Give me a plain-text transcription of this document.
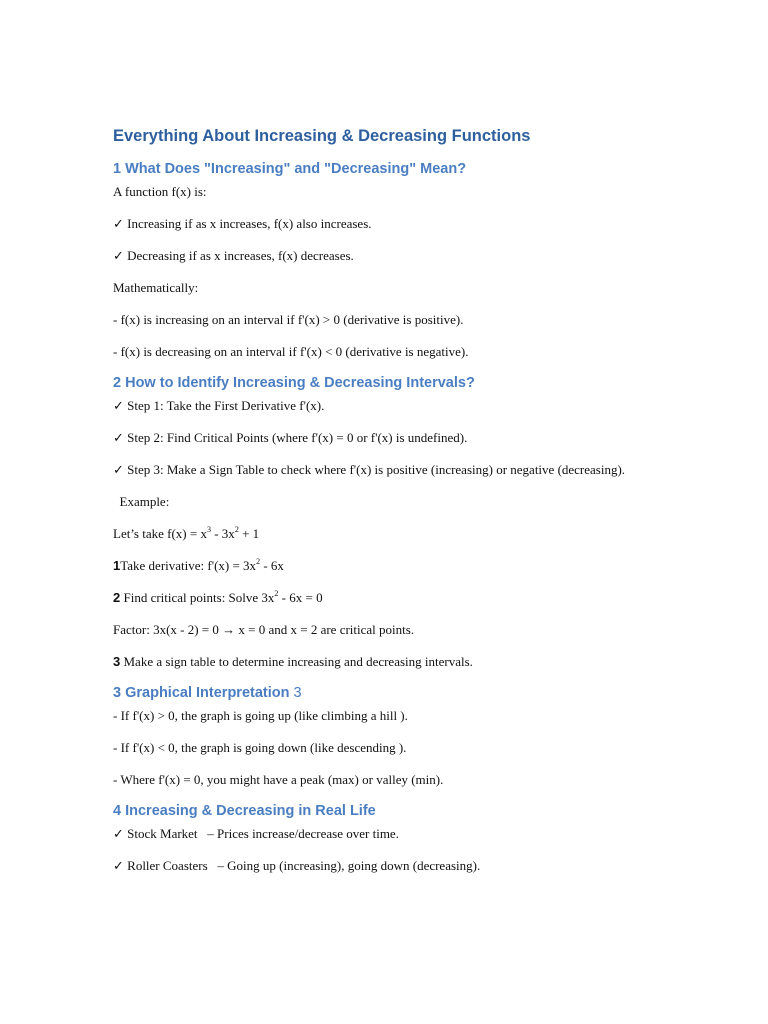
Everything About Increasing & Decreasing Functions
1 What Does "Increasing" and "Decreasing" Mean?

A function f(x) is:

✓ Increasing if as x increases, f(x) also increases.

✓ Decreasing if as x increases, f(x) decreases.

Mathematically:

- f(x) is increasing on an interval if f'(x) > 0 (derivative is positive).

- f(x) is decreasing on an interval if f'(x) < 0 (derivative is negative).

2 How to Identify Increasing & Decreasing Intervals?

✓ Step 1: Take the First Derivative f'(x).

✓ Step 2: Find Critical Points (where f'(x) = 0 or f'(x) is undefined).

✓ Step 3: Make a Sign Table to check where f'(x) is positive (increasing) or negative (decreasing).

Example:

Let’s take $f(x) = x^3 - 3x^2 + 1$

1Take derivative: $f'(x) = 3x^2 - 6x$

2 Find critical points: Solve $3x^2 - 6x = 0$

Factor: 3x(x - 2) = 0 → x = 0 and x = 2 are critical points.

3 Make a sign table to determine increasing and decreasing intervals.

3 Graphical Interpretation 3

- If f'(x) > 0, the graph is going up (like climbing a hill ).

- If f'(x) < 0, the graph is going down (like descending ).

- Where f'(x) = 0, you might have a peak (max) or valley (min).

4 Increasing & Decreasing in Real Life

✓ Stock Market   – Prices increase/decrease over time.

✓ Roller Coasters   – Going up (increasing), going down (decreasing).
